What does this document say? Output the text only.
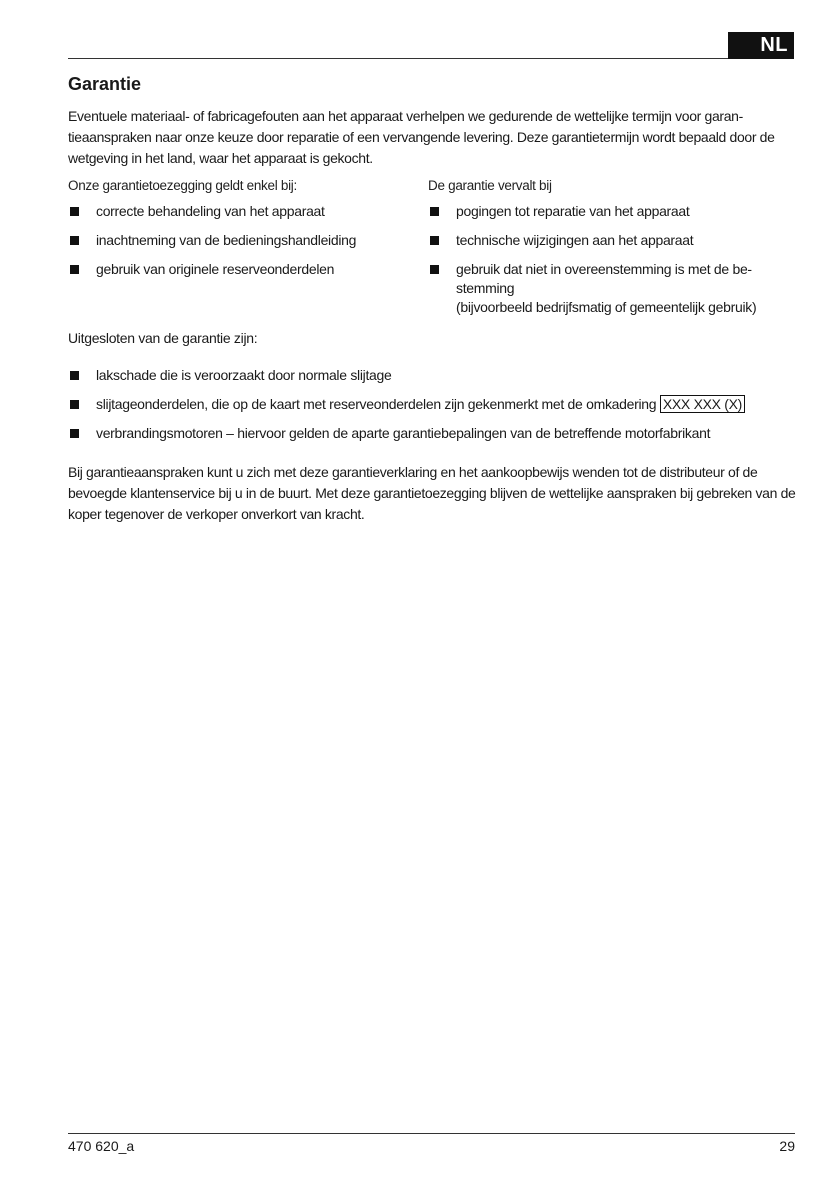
NL
Garantie

Eventuele materiaal- of fabricagefouten aan het apparaat verhelpen we gedurende de wettelijke termijn voor garan-tieaanspraken naar onze keuze door reparatie of een vervangende levering. Deze garantietermijn wordt bepaald door de wetgeving in het land, waar het apparaat is gekocht.

Onze garantietoezegging geldt enkel bij:

correcte behandeling van het apparaat
inachtneming van de bedieningshandleiding
gebruik van originele reserveonderdelen

De garantie vervalt bij

pogingen tot reparatie van het apparaat
technische wijzigingen aan het apparaat
gebruik dat niet in overeenstemming is met de be-stemming
(bijvoorbeeld bedrijfsmatig of gemeentelijk gebruik)

Uitgesloten van de garantie zijn:

lakschade die is veroorzaakt door normale slijtage
slijtageonderdelen, die op de kaart met reserveonderdelen zijn gekenmerkt met de omkadering XXX XXX (X)
verbrandingsmotoren – hiervoor gelden de aparte garantiebepalingen van de betreffende motorfabrikant

Bij garantieaanspraken kunt u zich met deze garantieverklaring en het aankoopbewijs wenden tot de distributeur of de bevoegde klantenservice bij u in de buurt. Met deze garantietoezegging blijven de wettelijke aanspraken bij gebreken van de koper tegenover de verkoper onverkort van kracht.

470 620_a	29
